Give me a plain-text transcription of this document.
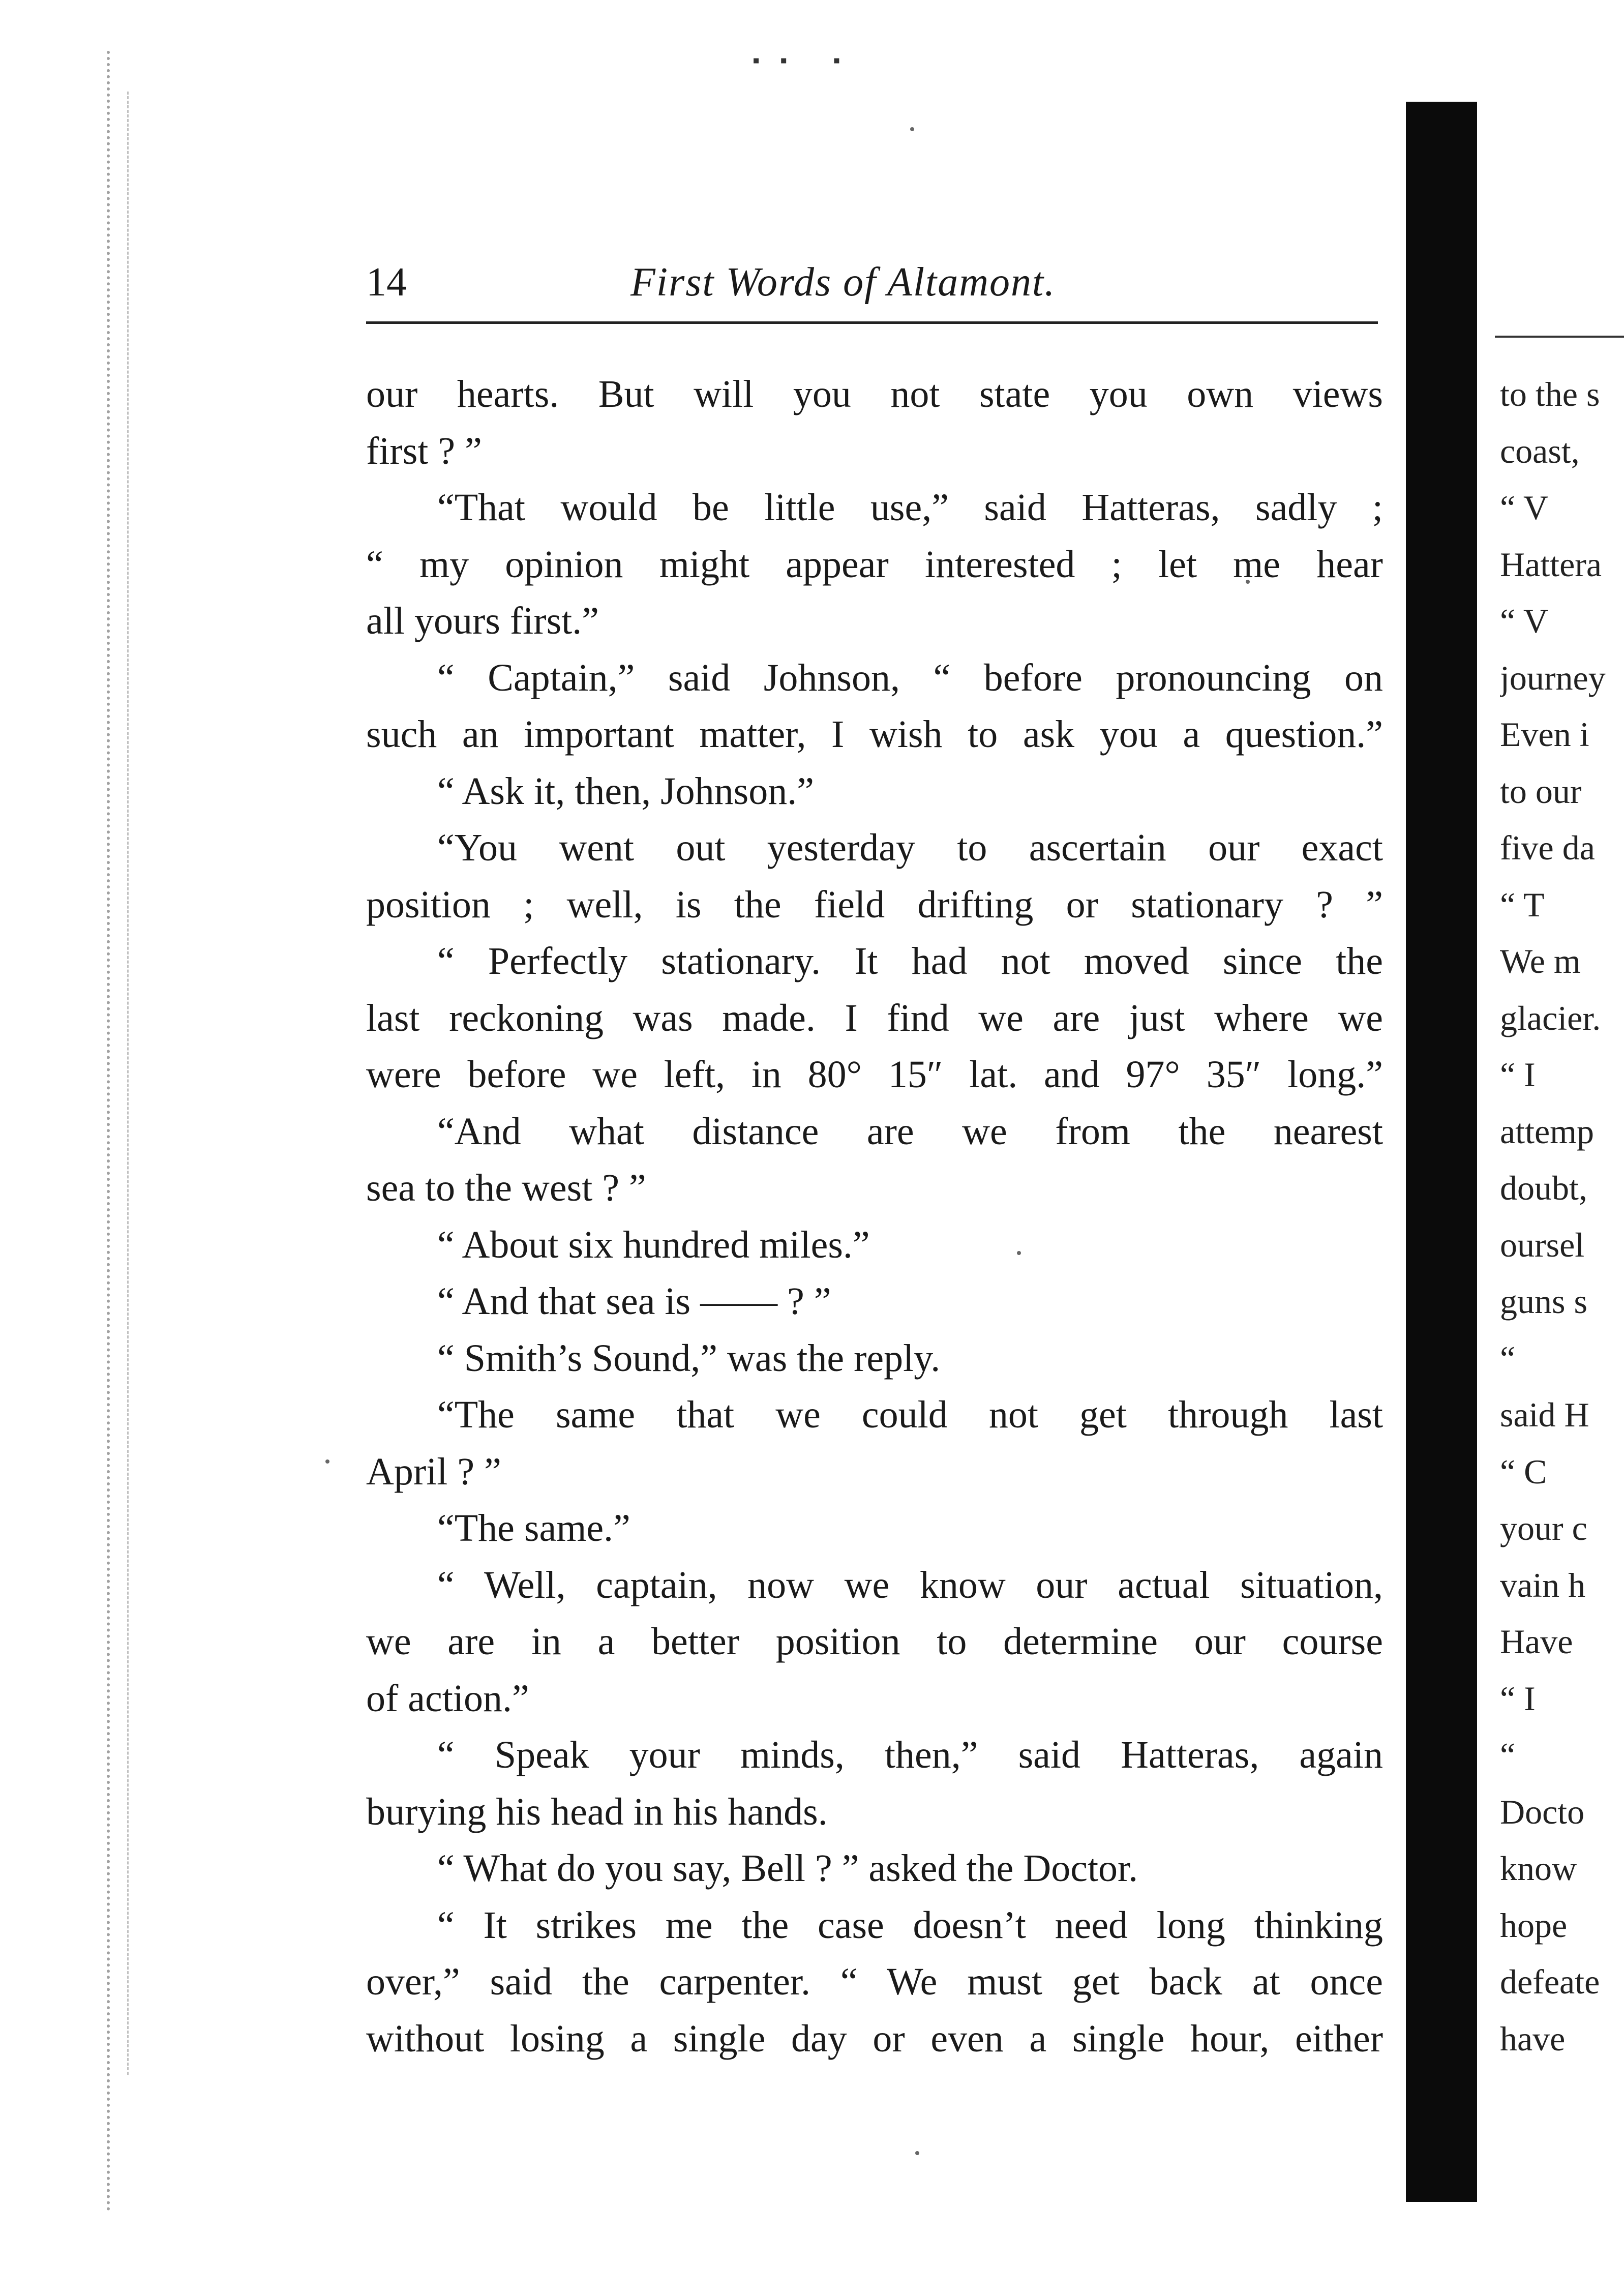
▪▪ ▪
14	First Words of Altamont.
our hearts. But will you not state you own views
first ? ”
“That would be little use,” said Hatteras, sadly ;
“ my opinion might appear interested ; let me hear
all yours first.”
“ Captain,” said Johnson, “ before pronouncing on
such an important matter, I wish to ask you a question.”
“ Ask it, then, Johnson.”
“You went out yesterday to ascertain our exact
position ; well, is the field drifting or stationary ? ”
“ Perfectly stationary. It had not moved since the
last reckoning was made. I find we are just where we
were before we left, in 80° 15″ lat. and 97° 35″ long.”
“And what distance are we from the nearest
sea to the west ? ”
“ About six hundred miles.”
“ And that sea is —— ? ”
“ Smith’s Sound,” was the reply.
“The same that we could not get through last
April ? ”
“The same.”
“ Well, captain, now we know our actual situation,
we are in a better position to determine our course
of action.”
“ Speak your minds, then,” said Hatteras, again
burying his head in his hands.
“ What do you say, Bell ? ” asked the Doctor.
“ It strikes me the case doesn’t need long thinking
over,” said the carpenter. “ We must get back at once
without losing a single day or even a single hour, either
to the s
coast,
“ V
Hattera
“ V
journey
Even i
to our
five da
“ T
We m
glacier.
“ I
attemp
doubt,
oursel
guns s
“
said H
“ C
your c
vain h
Have
“ I
“
Docto
know
hope
defeate
have
